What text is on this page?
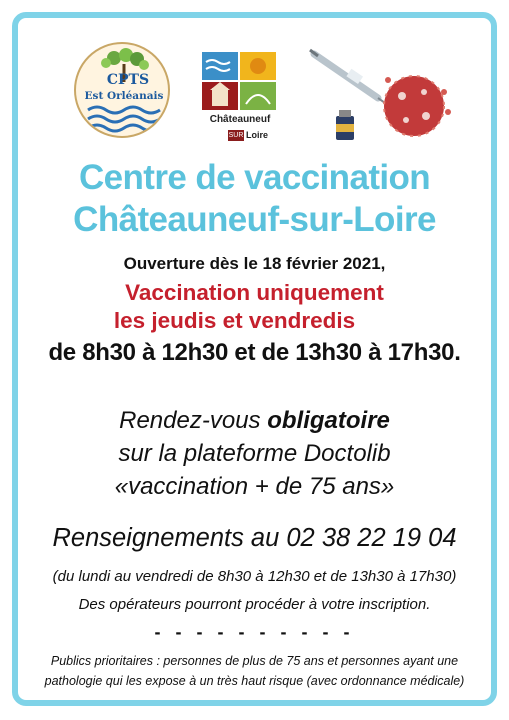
CPTS
Est Orléanais
Châteauneuf
SUR Loire
Centre de vaccination
Châteauneuf-sur-Loire
Ouverture dès le 18 février 2021,
Vaccination uniquement
les jeudis et vendredis
de 8h30 à 12h30 et de 13h30 à 17h30.
Rendez-vous obligatoire
sur la plateforme Doctolib
«vaccination + de 75 ans»
Renseignements au 02 38 22 19 04
(du lundi au vendredi de 8h30 à 12h30 et de 13h30 à 17h30)
Des opérateurs pourront procéder à votre inscription.
- - - - - - - - - -
Publics prioritaires : personnes de plus de 75 ans et personnes ayant une
pathologie qui les expose à un très haut risque (avec ordonnance médicale)
